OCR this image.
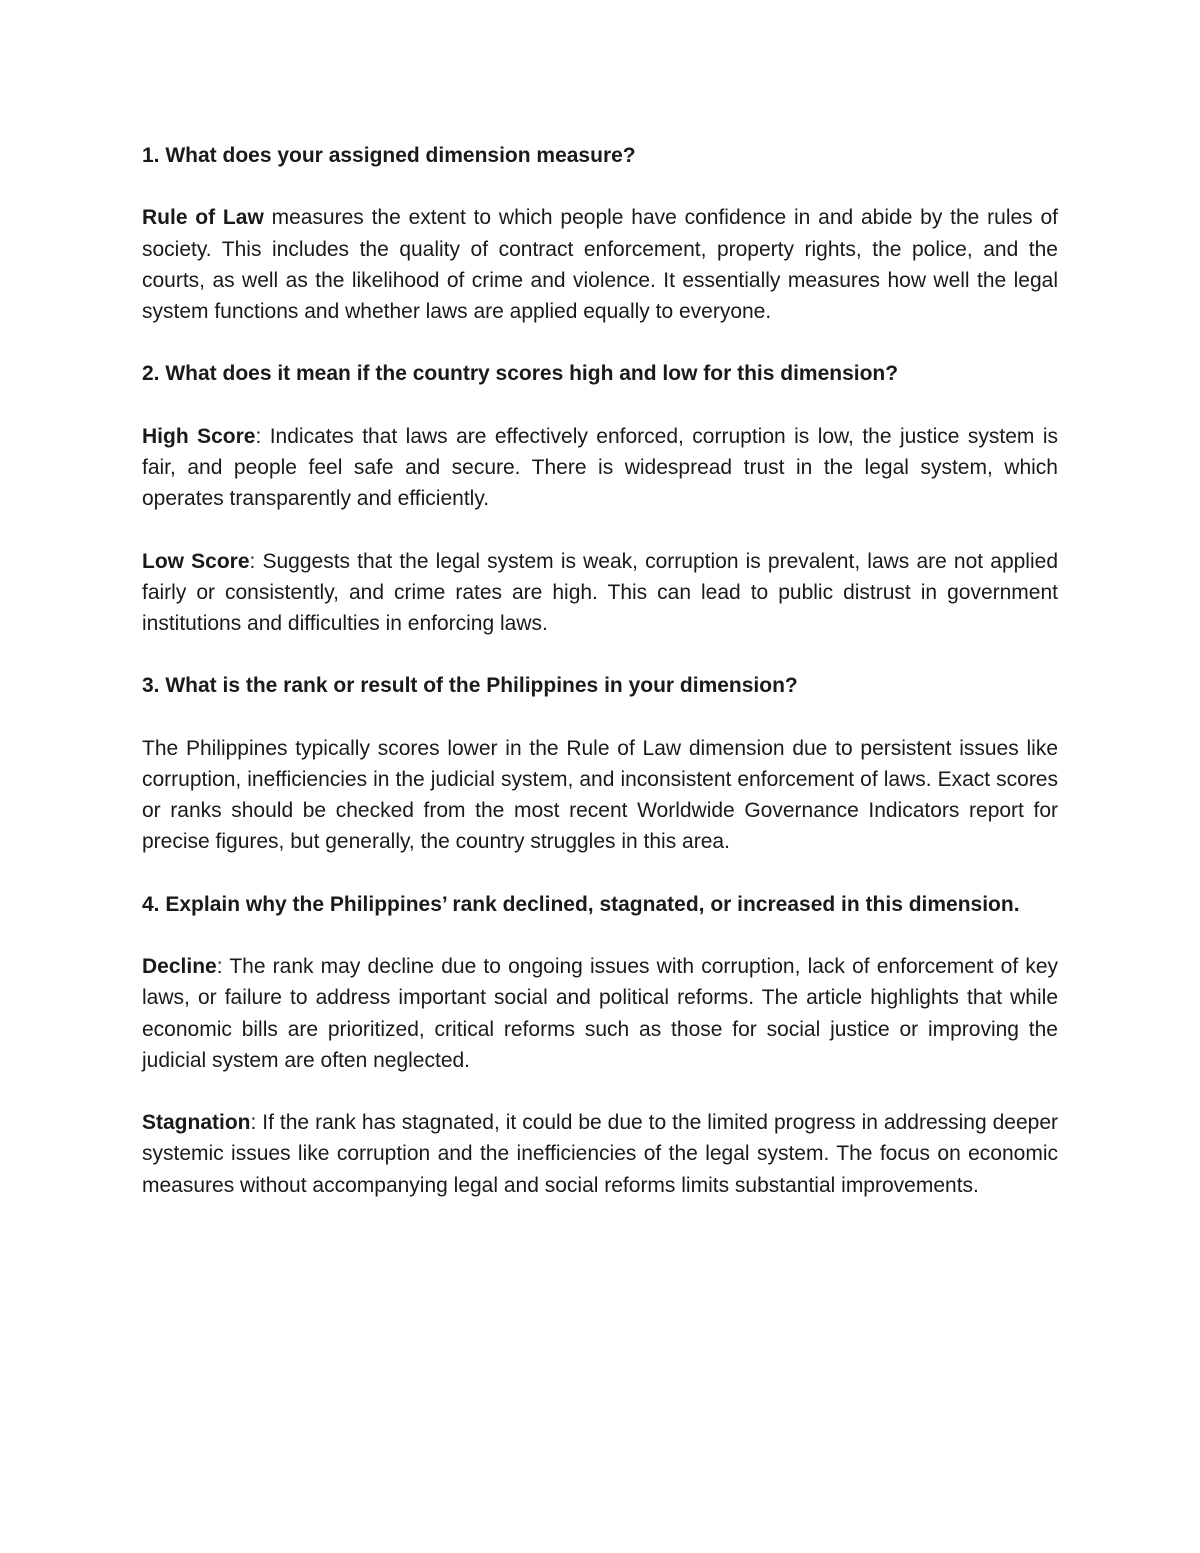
1. What does your assigned dimension measure?
Rule of Law measures the extent to which people have confidence in and abide by the rules of society. This includes the quality of contract enforcement, property rights, the police, and the courts, as well as the likelihood of crime and violence. It essentially measures how well the legal system functions and whether laws are applied equally to everyone.
2. What does it mean if the country scores high and low for this dimension?
High Score: Indicates that laws are effectively enforced, corruption is low, the justice system is fair, and people feel safe and secure. There is widespread trust in the legal system, which operates transparently and efficiently.
Low Score: Suggests that the legal system is weak, corruption is prevalent, laws are not applied fairly or consistently, and crime rates are high. This can lead to public distrust in government institutions and difficulties in enforcing laws.
3. What is the rank or result of the Philippines in your dimension?
The Philippines typically scores lower in the Rule of Law dimension due to persistent issues like corruption, inefficiencies in the judicial system, and inconsistent enforcement of laws. Exact scores or ranks should be checked from the most recent Worldwide Governance Indicators report for precise figures, but generally, the country struggles in this area.
4. Explain why the Philippines’ rank declined, stagnated, or increased in this dimension.
Decline: The rank may decline due to ongoing issues with corruption, lack of enforcement of key laws, or failure to address important social and political reforms. The article highlights that while economic bills are prioritized, critical reforms such as those for social justice or improving the judicial system are often neglected.
Stagnation: If the rank has stagnated, it could be due to the limited progress in addressing deeper systemic issues like corruption and the inefficiencies of the legal system. The focus on economic measures without accompanying legal and social reforms limits substantial improvements.
